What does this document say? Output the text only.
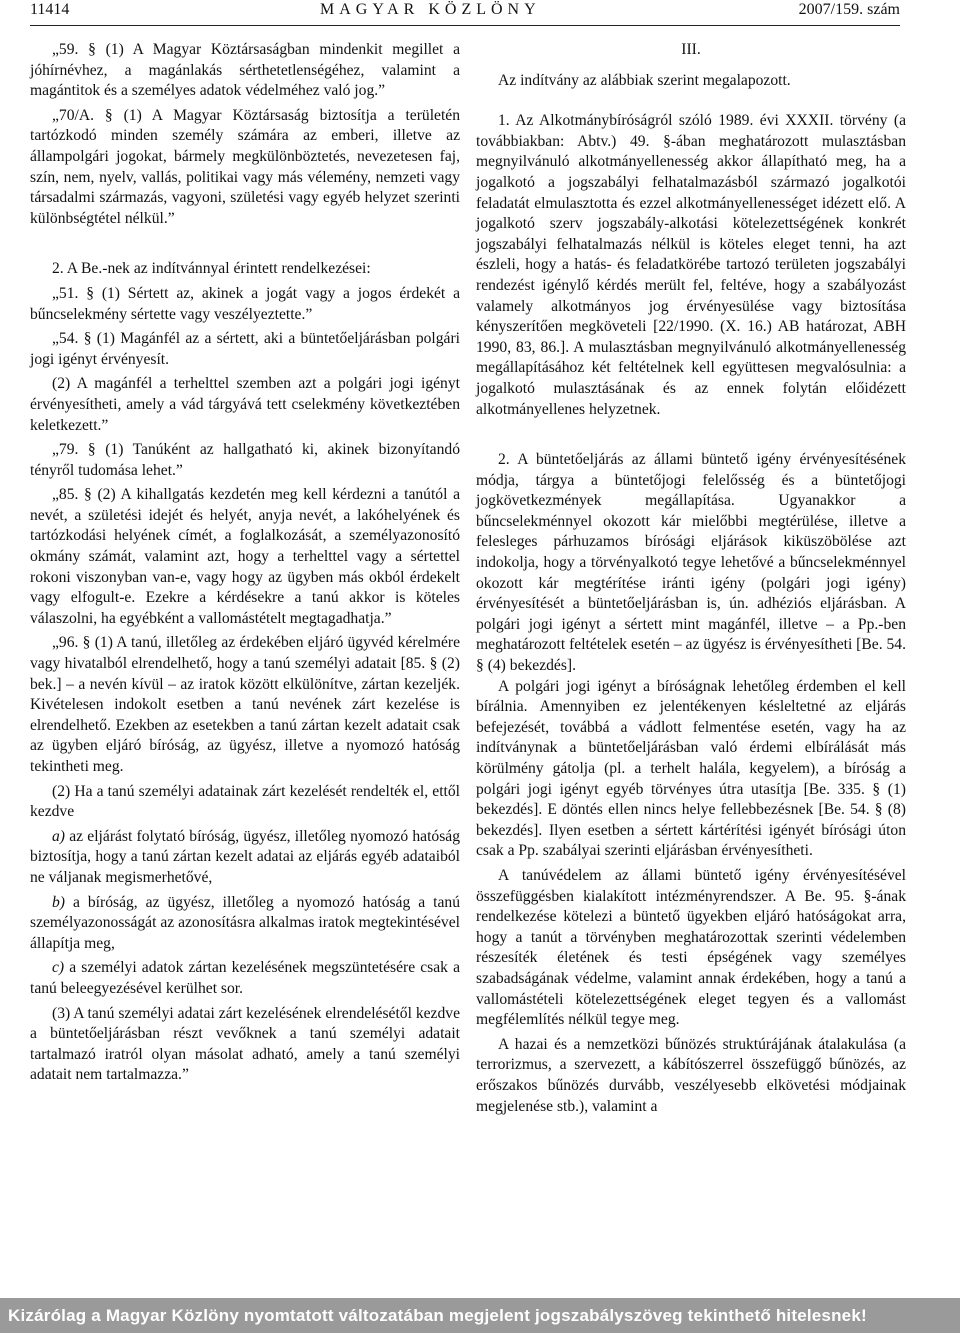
11414	MAGYAR KÖZLÖNY	2007/159. szám

„59. § (1) A Magyar Köztársaságban mindenkit megillet a jóhírnévhez, a magánlakás sérthetetlenségéhez, valamint a magántitok és a személyes adatok védelméhez való jog.”

„70/A. § (1) A Magyar Köztársaság biztosítja a területén tartózkodó minden személy számára az emberi, illetve az állampolgári jogokat, bármely megkülönböztetés, nevezetesen faj, szín, nem, nyelv, vallás, politikai vagy más vélemény, nemzeti vagy társadalmi származás, vagyoni, születési vagy egyéb helyzet szerinti különbségtétel nélkül.”

2. A Be.-nek az indítvánnyal érintett rendelkezései:

„51. § (1) Sértett az, akinek a jogát vagy a jogos érdekét a bűncselekmény sértette vagy veszélyeztette.”

„54. § (1) Magánfél az a sértett, aki a büntetőeljárásban polgári jogi igényt érvényesít.

(2) A magánfél a terhelttel szemben azt a polgári jogi igényt érvényesítheti, amely a vád tárgyává tett cselekmény következtében keletkezett.”

„79. § (1) Tanúként az hallgatható ki, akinek bizonyítandó tényről tudomása lehet.”

„85. § (2) A kihallgatás kezdetén meg kell kérdezni a tanútól a nevét, a születési idejét és helyét, anyja nevét, a lakóhelyének és tartózkodási helyének címét, a foglalkozását, a személyazonosító okmány számát, valamint azt, hogy a terhelttel vagy a sértettel rokoni viszonyban van-e, vagy hogy az ügyben más okból érdekelt vagy elfogult-e. Ezekre a kérdésekre a tanú akkor is köteles válaszolni, ha egyébként a vallomástételt megtagadhatja.”

„96. § (1) A tanú, illetőleg az érdekében eljáró ügyvéd kérelmére vagy hivatalból elrendelhető, hogy a tanú személyi adatait [85. § (2) bek.] – a nevén kívül – az iratok között elkülönítve, zártan kezeljék. Kivételesen indokolt esetben a tanú nevének zárt kezelése is elrendelhető. Ezekben az esetekben a tanú zártan kezelt adatait csak az ügyben eljáró bíróság, az ügyész, illetve a nyomozó hatóság tekintheti meg.

(2) Ha a tanú személyi adatainak zárt kezelését rendelték el, ettől kezdve

a) az eljárást folytató bíróság, ügyész, illetőleg nyomozó hatóság biztosítja, hogy a tanú zártan kezelt adatai az eljárás egyéb adataiból ne váljanak megismerhetővé,

b) a bíróság, az ügyész, illetőleg a nyomozó hatóság a tanú személyazonosságát az azonosításra alkalmas iratok megtekintésével állapítja meg,

c) a személyi adatok zártan kezelésének megszüntetésére csak a tanú beleegyezésével kerülhet sor.

(3) A tanú személyi adatai zárt kezelésének elrendelésétől kezdve a büntetőeljárásban részt vevőknek a tanú személyi adatait tartalmazó iratról olyan másolat adható, amely a tanú személyi adatait nem tartalmazza.”

III.

Az indítvány az alábbiak szerint megalapozott.

1. Az Alkotmánybíróságról szóló 1989. évi XXXII. törvény (a továbbiakban: Abtv.) 49. §-ában meghatározott mulasztásban megnyilvánuló alkotmányellenesség akkor állapítható meg, ha a jogalkotó a jogszabályi felhatalmazásból származó jogalkotói feladatát elmulasztotta és ezzel alkotmányellenességet idézett elő. A jogalkotó szerv jogszabály-alkotási kötelezettségének konkrét jogszabályi felhatalmazás nélkül is köteles eleget tenni, ha azt észleli, hogy a hatás- és feladatkörébe tartozó területen jogszabályi rendezést igénylő kérdés merült fel, feltéve, hogy a szabályozást valamely alkotmányos jog érvényesülése vagy biztosítása kényszerítően megköveteli [22/1990. (X. 16.) AB határozat, ABH 1990, 83, 86.]. A mulasztásban megnyilvánuló alkotmányellenesség megállapításához két feltételnek kell együttesen megvalósulnia: a jogalkotó mulasztásának és az ennek folytán előidézett alkotmányellenes helyzetnek.

2. A büntetőeljárás az állami büntető igény érvényesítésének módja, tárgya a büntetőjogi felelősség és a büntetőjogi jogkövetkezmények megállapítása. Ugyanakkor a bűncselekménnyel okozott kár mielőbbi megtérülése, illetve a felesleges párhuzamos bírósági eljárások kiküszöbölése azt indokolja, hogy a törvényalkotó tegye lehetővé a bűncselekménnyel okozott kár megtérítése iránti igény (polgári jogi igény) érvényesítését a büntetőeljárásban is, ún. adhéziós eljárásban. A polgári jogi igényt a sértett mint magánfél, illetve – a Pp.-ben meghatározott feltételek esetén – az ügyész is érvényesítheti [Be. 54. § (4) bekezdés].

A polgári jogi igényt a bíróságnak lehetőleg érdemben el kell bírálnia. Amennyiben ez jelentékenyen késleltetné az eljárás befejezését, továbbá a vádlott felmentése esetén, vagy ha az indítványnak a büntetőeljárásban való érdemi elbírálását más körülmény gátolja (pl. a terhelt halála, kegyelem), a bíróság a polgári jogi igényt egyéb törvényes útra utasítja [Be. 335. § (1) bekezdés]. E döntés ellen nincs helye fellebbezésnek [Be. 54. § (8) bekezdés]. Ilyen esetben a sértett kártérítési igényét bírósági úton csak a Pp. szabályai szerinti eljárásban érvényesítheti.

A tanúvédelem az állami büntető igény érvényesítésével összefüggésben kialakított intézményrendszer. A Be. 95. §-ának rendelkezése kötelezi a büntető ügyekben eljáró hatóságokat arra, hogy a tanút a törvényben meghatározottak szerinti védelemben részesíték életének és testi épségének vagy személyes szabadságának védelme, valamint annak érdekében, hogy a tanú a vallomástételi kötelezettségének eleget tegyen és a vallomást megfélemlítés nélkül tegye meg.

A hazai és a nemzetközi bűnözés struktúrájának átalakulása (a terrorizmus, a szervezett, a kábítószerrel összefüggő bűnözés, az erőszakos bűnözés durvább, veszélyesebb elkövetési módjainak megjelenése stb.), valamint a

Kizárólag a Magyar Közlöny nyomtatott változatában megjelent jogszabályszöveg tekinthető hitelesnek!
